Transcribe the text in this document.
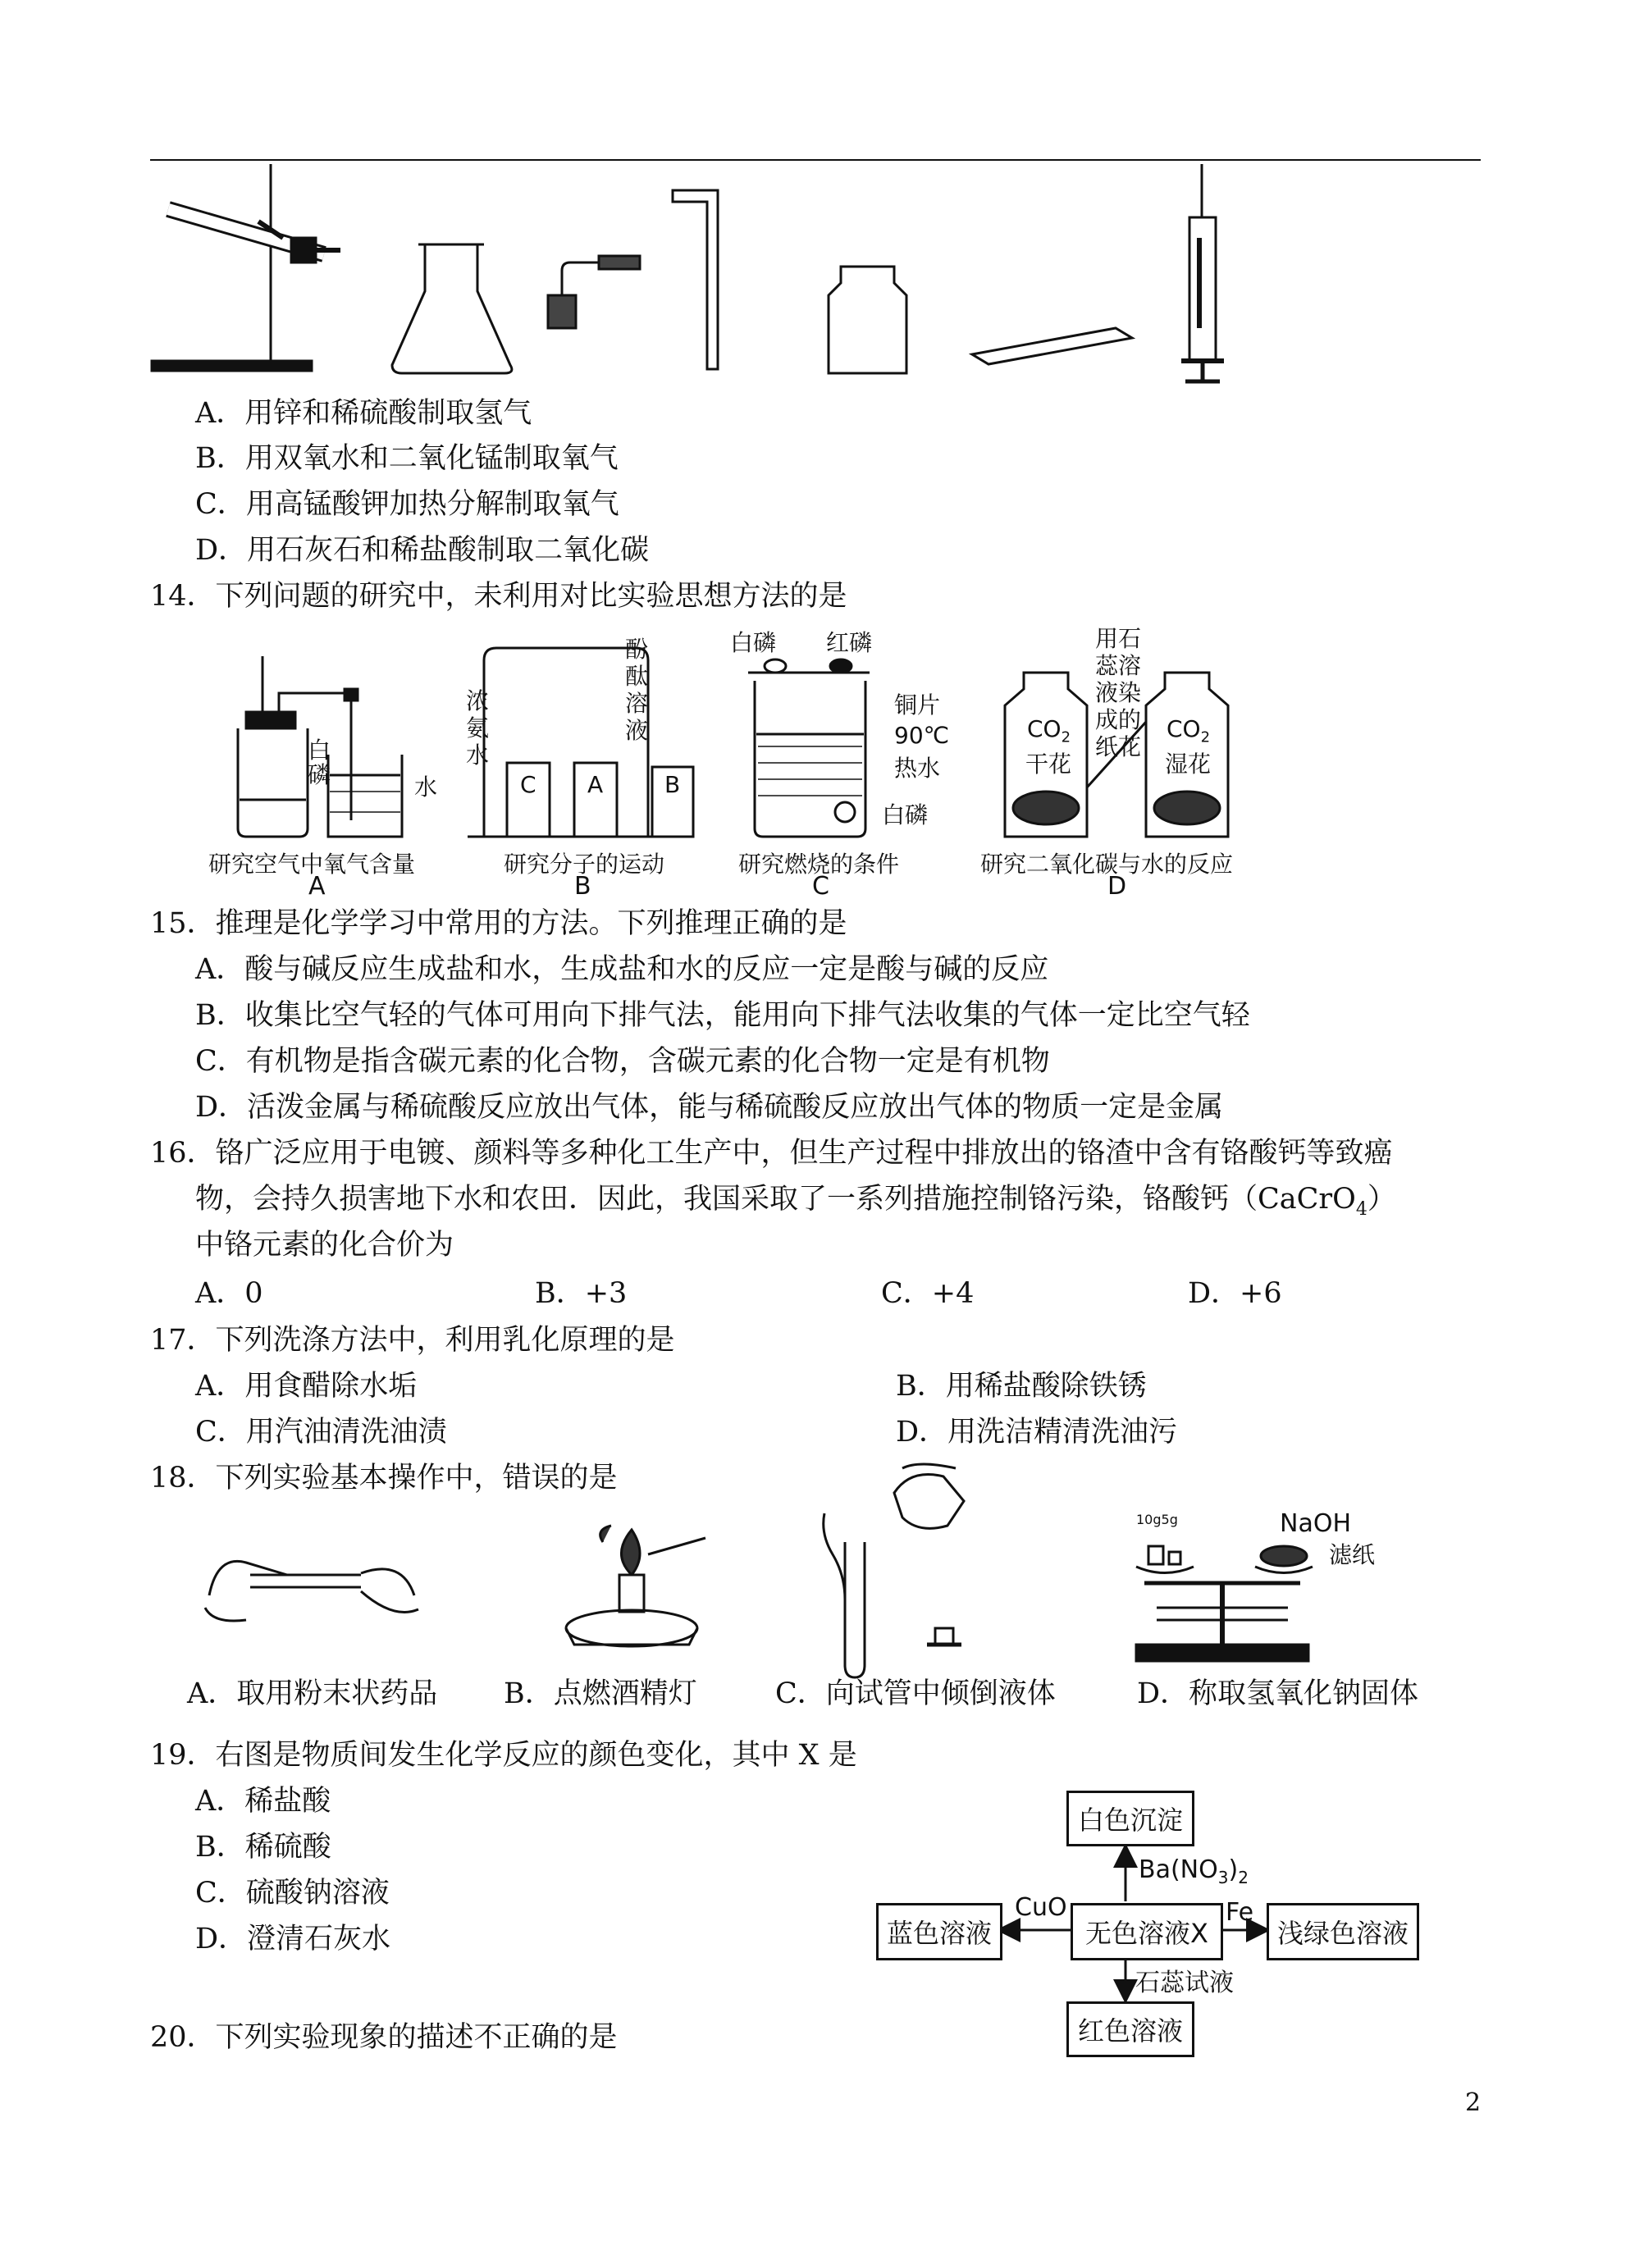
A．用锌和稀硫酸制取氢气
B．用双氧水和二氧化锰制取氧气
C．用高锰酸钾加热分解制取氧气
D．用石灰石和稀盐酸制取二氧化碳
14．下列问题的研究中，未利用对比实验思想方法的是
白磷	水
研究空气中氧气含量
A
浓氨水
酚酞溶液
C A	B
研究分子的运动
B
白磷 红磷
铜片
90℃
热水
白磷
研究燃烧的条件
C
用石蕊溶液染成的纸花
$CO_2$
干花
$CO_2$
湿花
研究二氧化碳与水的反应
D
15．推理是化学学习中常用的方法。下列推理正确的是
A．酸与碱反应生成盐和水，生成盐和水的反应一定是酸与碱的反应
B．收集比空气轻的气体可用向下排气法，能用向下排气法收集的气体一定比空气轻
C．有机物是指含碳元素的化合物，含碳元素的化合物一定是有机物
D．活泼金属与稀硫酸反应放出气体，能与稀硫酸反应放出气体的物质一定是金属
16．铬广泛应用于电镀、颜料等多种化工生产中，但生产过程中排放出的铬渣中含有铬酸钙等致癌
物，会持久损害地下水和农田．因此，我国采取了一系列措施控制铬污染，铬酸钙（CaCrO$_4$）
中铬元素的化合价为
A．0	B．+3	C．+4	D．+6
17．下列洗涤方法中，利用乳化原理的是
A．用食醋除水垢	B．用稀盐酸除铁锈
C．用汽油清洗油渍	D．用洗洁精清洗油污
18．下列实验基本操作中，错误的是
10g5g	NaOH
滤纸
A．取用粉末状药品 B．点燃酒精灯	C．向试管中倾倒液体	D．称取氢氧化钠固体
19．右图是物质间发生化学反应的颜色变化，其中 X 是
A．稀盐酸
B．稀硫酸
C．硫酸钠溶液
D．澄清石灰水
白色沉淀
无色溶液X
蓝色溶液	浅绿色溶液
红色溶液
$Ba(NO_3)_2$
CuO	Fe
石蕊试液
20．下列实验现象的描述不正确的是
2
